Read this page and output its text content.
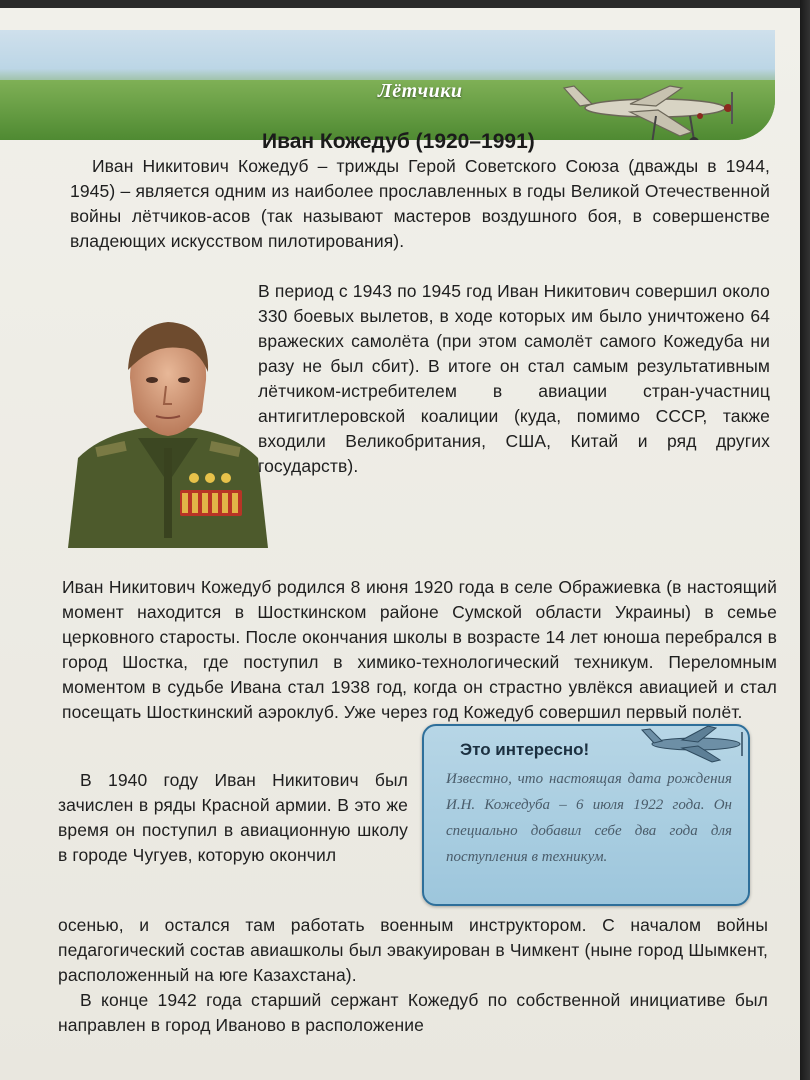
Лётчики
Иван Кожедуб (1920–1991)

Иван Никитович Кожедуб – трижды Герой Советского Союза (дважды в 1944, 1945) – является одним из наиболее прославленных в годы Великой Отечественной войны лётчиков-асов (так называют мастеров воздушного боя, в совершенстве владеющих искусством пилотирования).

В период с 1943 по 1945 год Иван Никитович совершил около 330 боевых вылетов, в ходе которых им было уничтожено 64 вражеских самолёта (при этом самолёт самого Кожедуба ни разу не был сбит). В итоге он стал самым результативным лётчиком-истребителем в авиации стран-участниц антигитлеровской коалиции (куда, помимо СССР, также входили Великобритания, США, Китай и ряд других государств).

Иван Никитович Кожедуб родился 8 июня 1920 года в селе Ображиевка (в настоящий момент находится в Шосткинском районе Сумской области Украины) в семье церковного старосты. После окончания школы в возрасте 14 лет юноша перебрался в город Шостка, где поступил в химико-технологический техникум. Переломным моментом в судьбе Ивана стал 1938 год, когда он страстно увлёкся авиацией и стал посещать Шосткинский аэроклуб. Уже через год Кожедуб совершил первый полёт.

В 1940 году Иван Никитович был зачислен в ряды Красной армии. В это же время он поступил в авиационную школу в городе Чугуев, которую окончил

осенью, и остался там работать военным инструктором. С началом войны педагогический состав авиашколы был эвакуирован в Чимкент (ныне город Шымкент, расположенный на юге Казахстана).

В конце 1942 года старший сержант Кожедуб по собственной инициативе был направлен в город Иваново в расположение

Это интересно!
Известно, что настоящая дата рождения И.Н. Кожедуба – 6 июля 1922 года. Он специально добавил себе два года для поступления в техникум.
